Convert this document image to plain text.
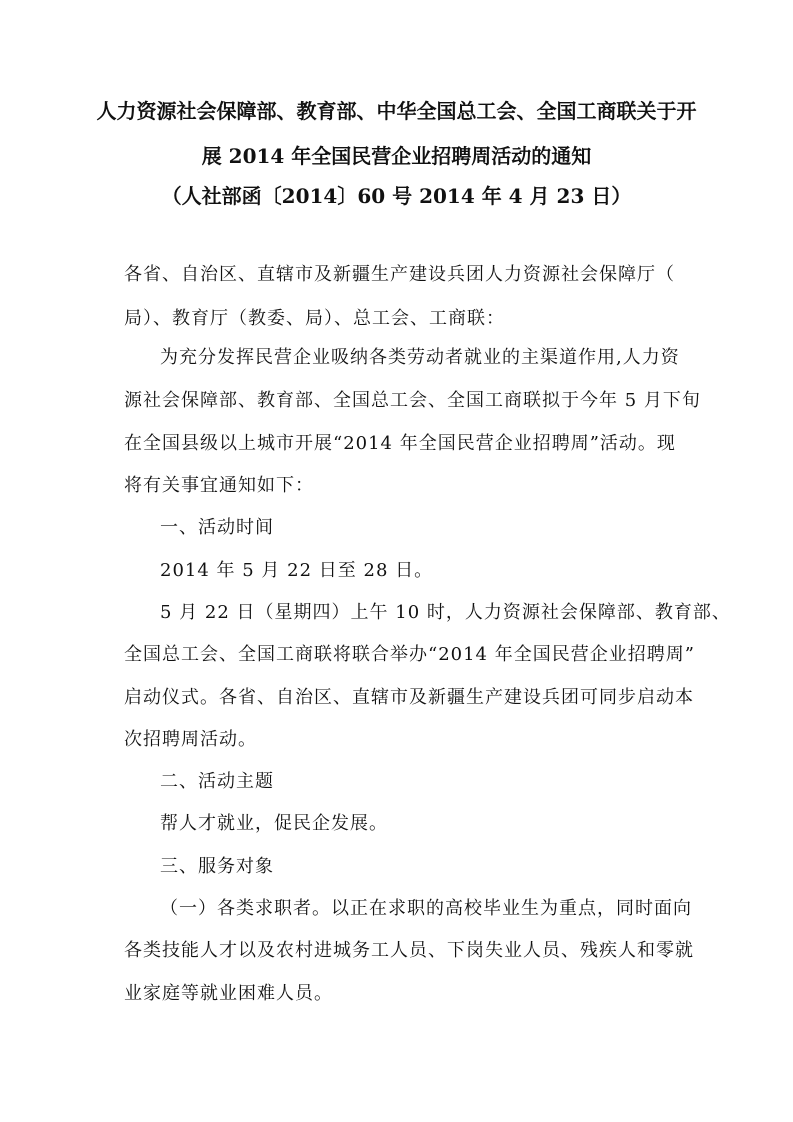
人力资源社会保障部、教育部、中华全国总工会、全国工商联关于开
展 2014 年全国民营企业招聘周活动的通知
（人社部函〔2014〕60 号 2014 年 4 月 23 日）
各省、自治区、直辖市及新疆生产建设兵团人力资源社会保障厅（
局）、教育厅（教委、局）、总工会、工商联：
为充分发挥民营企业吸纳各类劳动者就业的主渠道作用,人力资
源社会保障部、教育部、全国总工会、全国工商联拟于今年 5 月下旬
在全国县级以上城市开展“2014 年全国民营企业招聘周”活动。现
将有关事宜通知如下：
一、活动时间
2014 年 5 月 22 日至 28 日。
5 月 22 日（星期四）上午 10 时，人力资源社会保障部、教育部、
全国总工会、全国工商联将联合举办“2014 年全国民营企业招聘周”
启动仪式。各省、自治区、直辖市及新疆生产建设兵团可同步启动本
次招聘周活动。
二、活动主题
帮人才就业，促民企发展。
三、服务对象
（一）各类求职者。以正在求职的高校毕业生为重点，同时面向
各类技能人才以及农村进城务工人员、下岗失业人员、残疾人和零就
业家庭等就业困难人员。
